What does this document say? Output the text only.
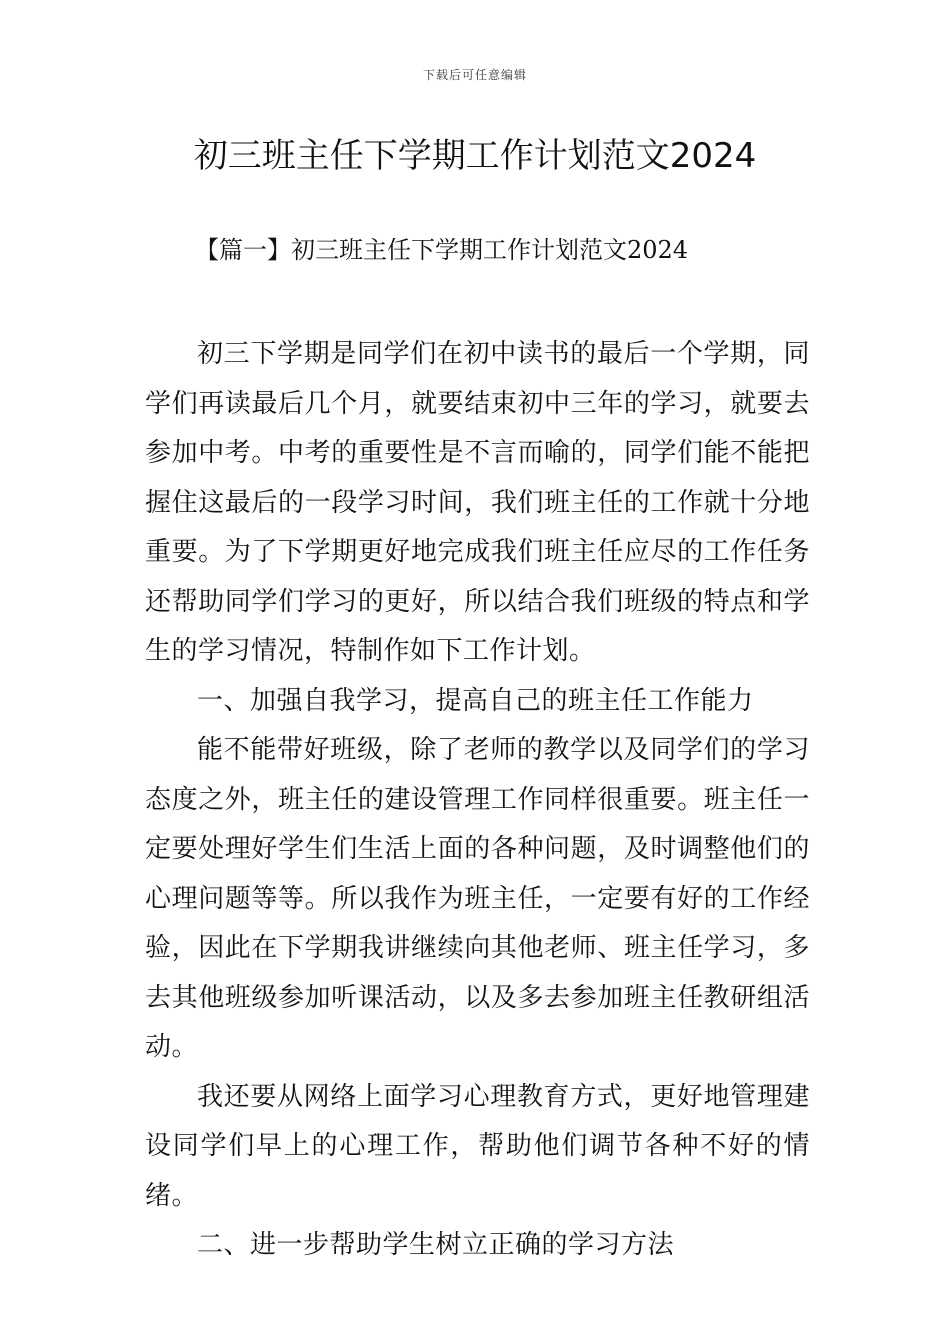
下载后可任意编辑
初三班主任下学期工作计划范文2024
【篇一】初三班主任下学期工作计划范文2024

初三下学期是同学们在初中读书的最后一个学期，同学们再读最后几个月，就要结束初中三年的学习，就要去参加中考。中考的重要性是不言而喻的，同学们能不能把握住这最后的一段学习时间，我们班主任的工作就十分地重要。为了下学期更好地完成我们班主任应尽的工作任务还帮助同学们学习的更好，所以结合我们班级的特点和学生的学习情况，特制作如下工作计划。

一、加强自我学习，提高自己的班主任工作能力

能不能带好班级，除了老师的教学以及同学们的学习态度之外，班主任的建设管理工作同样很重要。班主任一定要处理好学生们生活上面的各种问题，及时调整他们的心理问题等等。所以我作为班主任，一定要有好的工作经验，因此在下学期我讲继续向其他老师、班主任学习，多去其他班级参加听课活动，以及多去参加班主任教研组活动。

我还要从网络上面学习心理教育方式，更好地管理建设同学们早上的心理工作，帮助他们调节各种不好的情绪。

二、进一步帮助学生树立正确的学习方法
